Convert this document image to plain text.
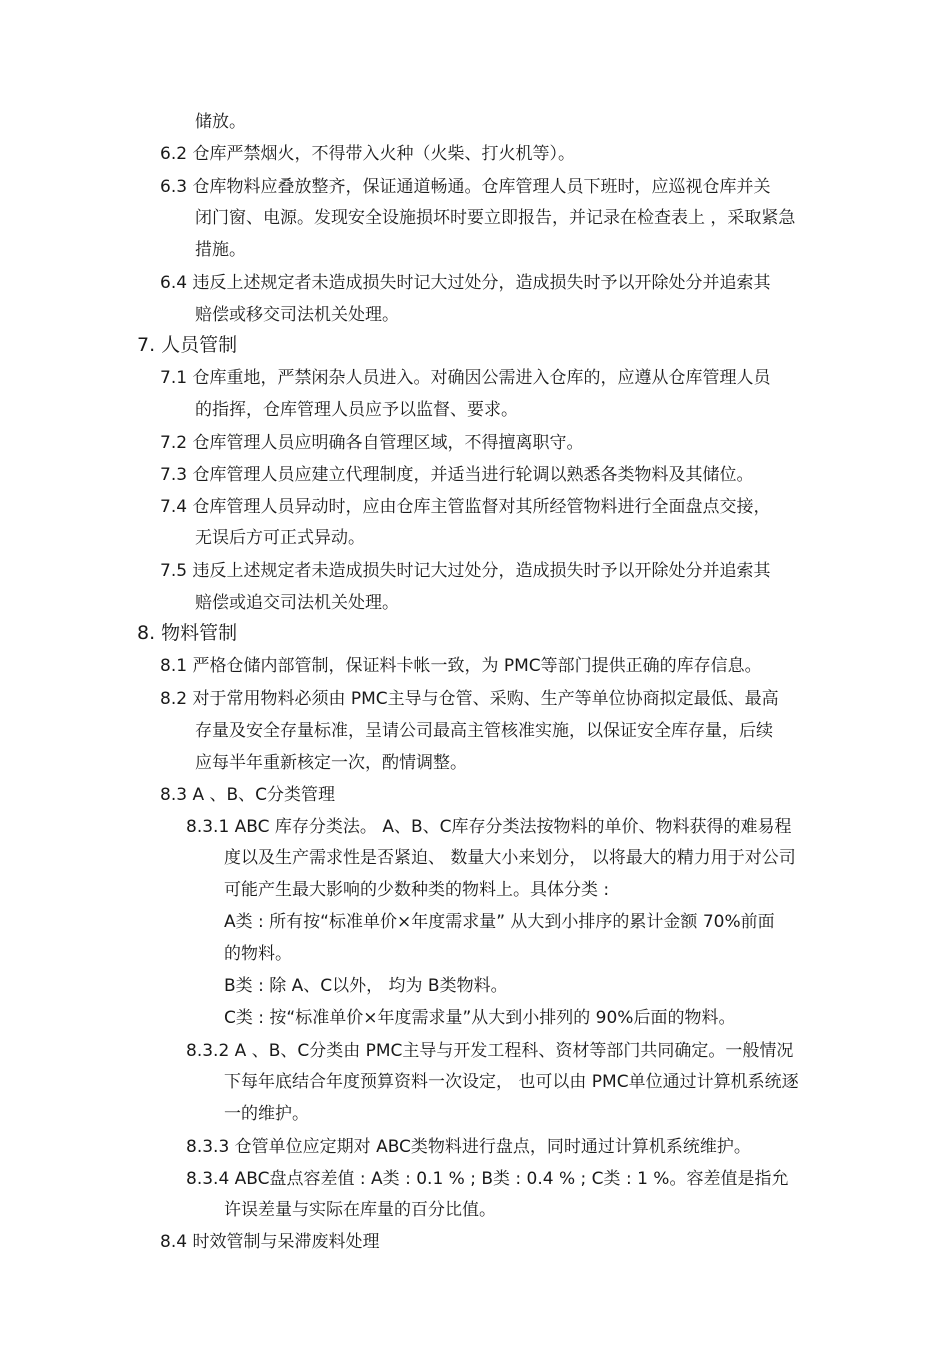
储放。
6.2 仓库严禁烟火，不得带入火种（火柴、打火机等）。
6.3 仓库物料应叠放整齐，保证通道畅通。仓库管理人员下班时，应巡视仓库并关
闭门窗、电源。发现安全设施损坏时要立即报告，并记录在检查表上 ，采取紧急
措施。
6.4 违反上述规定者未造成损失时记大过处分，造成损失时予以开除处分并追索其
赔偿或移交司法机关处理。
7. 人员管制
7.1 仓库重地，严禁闲杂人员进入。对确因公需进入仓库的，应遵从仓库管理人员
的指挥，仓库管理人员应予以监督、要求。
7.2 仓库管理人员应明确各自管理区域，不得擅离职守。
7.3 仓库管理人员应建立代理制度，并适当进行轮调以熟悉各类物料及其储位。
7.4 仓库管理人员异动时，应由仓库主管监督对其所经管物料进行全面盘点交接，
无误后方可正式异动。
7.5 违反上述规定者未造成损失时记大过处分，造成损失时予以开除处分并追索其
赔偿或追交司法机关处理。
8. 物料管制
8.1 严格仓储内部管制，保证料卡帐一致，为 PMC等部门提供正确的库存信息。
8.2 对于常用物料必须由 PMC主导与仓管、采购、生产等单位协商拟定最低、最高
存量及安全存量标准，呈请公司最高主管核准实施，以保证安全库存量，后续
应每半年重新核定一次，酌情调整。
8.3 A 、B、C分类管理
8.3.1 ABC 库存分类法。 A、B、C库存分类法按物料的单价、物料获得的难易程
度以及生产需求性是否紧迫、 数量大小来划分， 以将最大的精力用于对公司
可能产生最大影响的少数种类的物料上。具体分类 :
A类 : 所有按“标准单价×年度需求量” 从大到小排序的累计金额 70%前面
的物料。
B类 : 除 A、C以外， 均为 B类物料。
C类 : 按“标准单价×年度需求量”从大到小排列的 90%后面的物料。
8.3.2 A 、B、C分类由 PMC主导与开发工程科、资材等部门共同确定。一般情况
下每年底结合年度预算资料一次设定， 也可以由 PMC单位通过计算机系统逐
一的维护。
8.3.3 仓管单位应定期对 ABC类物料进行盘点，同时通过计算机系统维护。
8.3.4 ABC盘点容差值 : A类 : 0.1 % ; B类 : 0.4 % ; C类 : 1 %。容差值是指允
许误差量与实际在库量的百分比值。
8.4 时效管制与呆滞废料处理
